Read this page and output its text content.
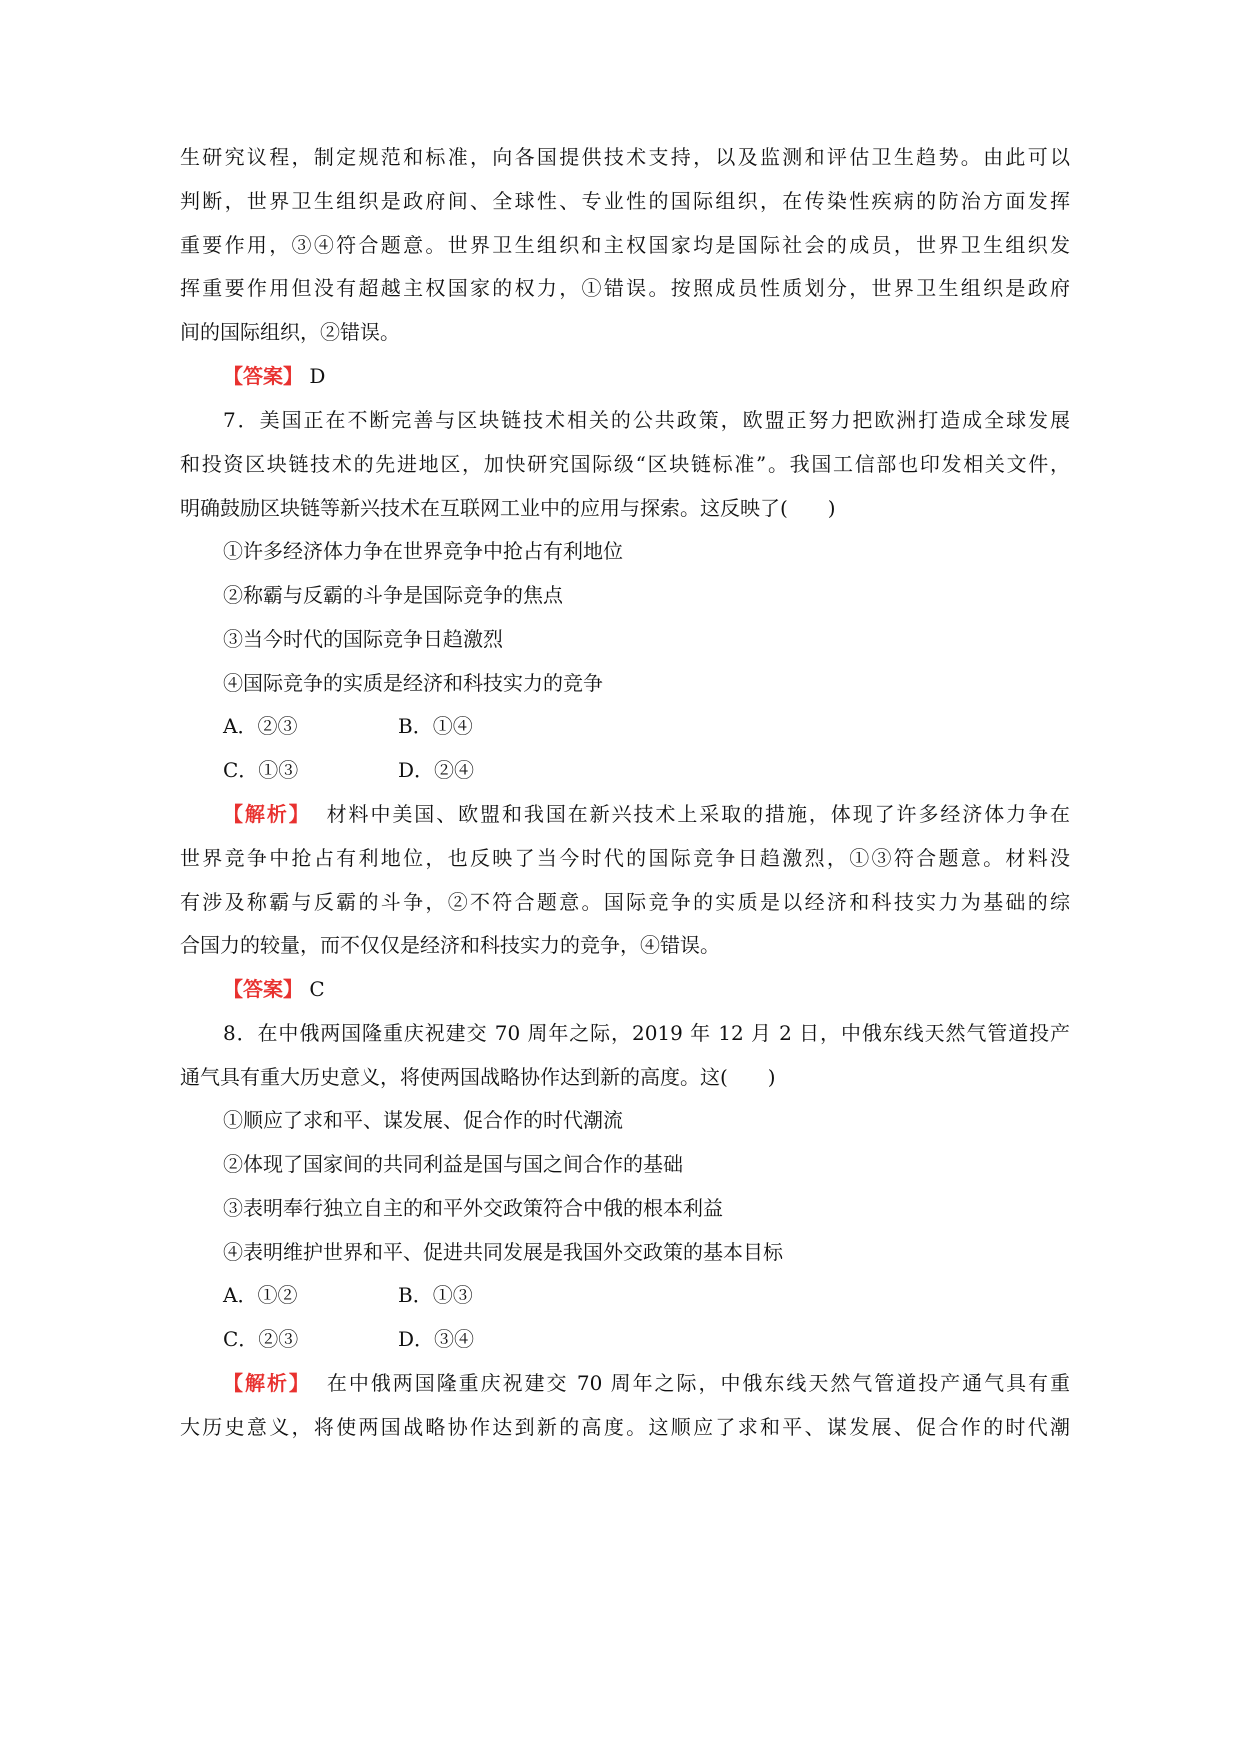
生研究议程，制定规范和标准，向各国提供技术支持，以及监测和评估卫生趋势。由此可以
判断，世界卫生组织是政府间、全球性、专业性的国际组织，在传染性疾病的防治方面发挥
重要作用，③④符合题意。世界卫生组织和主权国家均是国际社会的成员，世界卫生组织发
挥重要作用但没有超越主权国家的权力，①错误。按照成员性质划分，世界卫生组织是政府
间的国际组织，②错误。
【答案】 D
7．美国正在不断完善与区块链技术相关的公共政策，欧盟正努力把欧洲打造成全球发展
和投资区块链技术的先进地区，加快研究国际级“区块链标准”。我国工信部也印发相关文件，
明确鼓励区块链等新兴技术在互联网工业中的应用与探索。这反映了(　　)
①许多经济体力争在世界竞争中抢占有利地位
②称霸与反霸的斗争是国际竞争的焦点
③当今时代的国际竞争日趋激烈
④国际竞争的实质是经济和科技实力的竞争
A．②③	B．①④
C．①③	D．②④
【解析】 材料中美国、欧盟和我国在新兴技术上采取的措施，体现了许多经济体力争在
世界竞争中抢占有利地位，也反映了当今时代的国际竞争日趋激烈，①③符合题意。材料没
有涉及称霸与反霸的斗争，②不符合题意。国际竞争的实质是以经济和科技实力为基础的综
合国力的较量，而不仅仅是经济和科技实力的竞争，④错误。
【答案】 C
8．在中俄两国隆重庆祝建交 70 周年之际，2019 年 12 月 2 日，中俄东线天然气管道投产
通气具有重大历史意义，将使两国战略协作达到新的高度。这(　　)
①顺应了求和平、谋发展、促合作的时代潮流
②体现了国家间的共同利益是国与国之间合作的基础
③表明奉行独立自主的和平外交政策符合中俄的根本利益
④表明维护世界和平、促进共同发展是我国外交政策的基本目标
A．①②	B．①③
C．②③	D．③④
【解析】 在中俄两国隆重庆祝建交 70 周年之际，中俄东线天然气管道投产通气具有重
大历史意义，将使两国战略协作达到新的高度。这顺应了求和平、谋发展、促合作的时代潮
